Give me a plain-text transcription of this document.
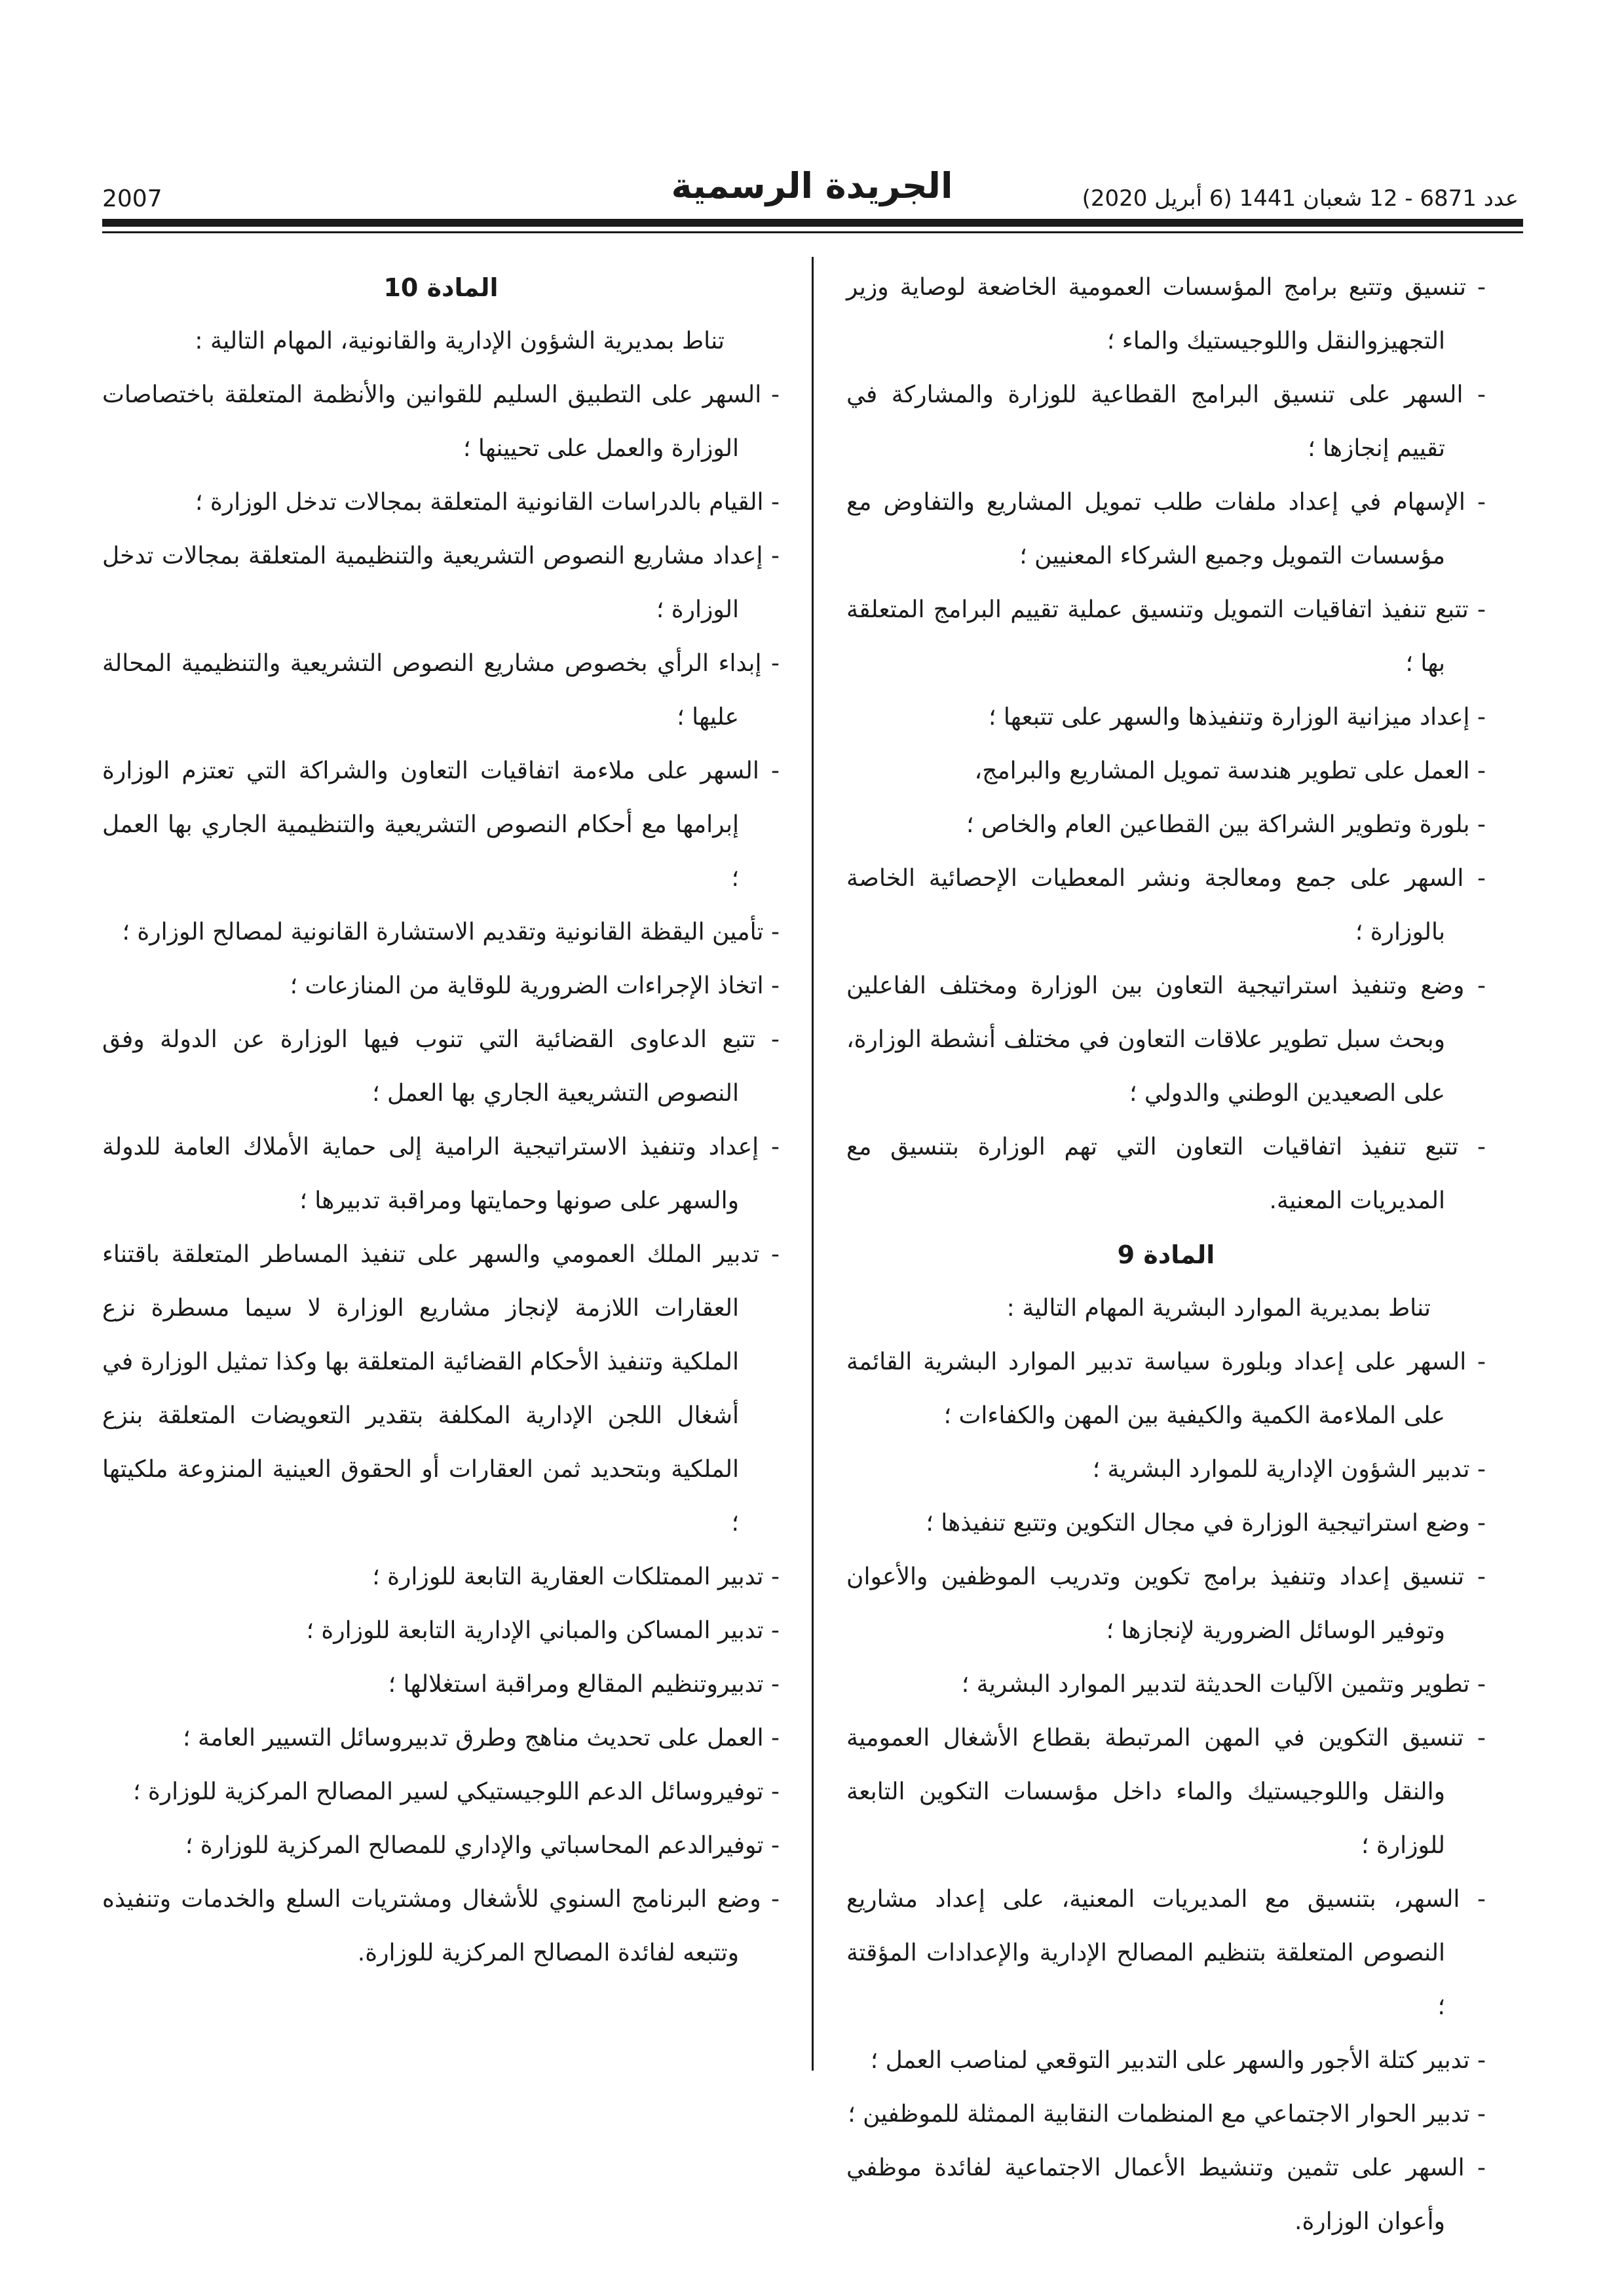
2007	الجريدة الرسمية	عدد 6871 - 12 شعبان 1441 (6 أبريل 2020)

- تنسيق وتتبع برامج المؤسسات العمومية الخاضعة لوصاية وزير التجهيزوالنقل واللوجيستيك والماء ؛

- السهر على تنسيق البرامج القطاعية للوزارة والمشاركة في تقييم إنجازها ؛

- الإسهام في إعداد ملفات طلب تمويل المشاريع والتفاوض مع مؤسسات التمويل وجميع الشركاء المعنيين ؛

- تتبع تنفيذ اتفاقيات التمويل وتنسيق عملية تقييم البرامج المتعلقة بها ؛

- إعداد ميزانية الوزارة وتنفيذها والسهر على تتبعها ؛

- العمل على تطوير هندسة تمويل المشاريع والبرامج،

- بلورة وتطوير الشراكة بين القطاعين العام والخاص ؛

- السهر على جمع ومعالجة ونشر المعطيات الإحصائية الخاصة بالوزارة ؛

- وضع وتنفيذ استراتيجية التعاون بين الوزارة ومختلف الفاعلين وبحث سبل تطوير علاقات التعاون في مختلف أنشطة الوزارة، على الصعيدين الوطني والدولي ؛

- تتبع تنفيذ اتفاقيات التعاون التي تهم الوزارة بتنسيق مع المديريات المعنية.

المادة 9

تناط بمديرية الموارد البشرية المهام التالية :

- السهر على إعداد وبلورة سياسة تدبير الموارد البشرية القائمة على الملاءمة الكمية والكيفية بين المهن والكفاءات ؛

- تدبير الشؤون الإدارية للموارد البشرية ؛

- وضع استراتيجية الوزارة في مجال التكوين وتتبع تنفيذها ؛

- تنسيق إعداد وتنفيذ برامج تكوين وتدريب الموظفين والأعوان وتوفير الوسائل الضرورية لإنجازها ؛

- تطوير وتثمين الآليات الحديثة لتدبير الموارد البشرية ؛

- تنسيق التكوين في المهن المرتبطة بقطاع الأشغال العمومية والنقل واللوجيستيك والماء داخل مؤسسات التكوين التابعة للوزارة ؛

- السهر، بتنسيق مع المديريات المعنية، على إعداد مشاريع النصوص المتعلقة بتنظيم المصالح الإدارية والإعدادات المؤقتة ؛

- تدبير كتلة الأجور والسهر على التدبير التوقعي لمناصب العمل ؛

- تدبير الحوار الاجتماعي مع المنظمات النقابية الممثلة للموظفين ؛

- السهر على تثمين وتنشيط الأعمال الاجتماعية لفائدة موظفي وأعوان الوزارة.

المادة 10

تناط بمديرية الشؤون الإدارية والقانونية، المهام التالية :

- السهر على التطبيق السليم للقوانين والأنظمة المتعلقة باختصاصات الوزارة والعمل على تحيينها ؛

- القيام بالدراسات القانونية المتعلقة بمجالات تدخل الوزارة ؛

- إعداد مشاريع النصوص التشريعية والتنظيمية المتعلقة بمجالات تدخل الوزارة ؛

- إبداء الرأي بخصوص مشاريع النصوص التشريعية والتنظيمية المحالة عليها ؛

- السهر على ملاءمة اتفاقيات التعاون والشراكة التي تعتزم الوزارة إبرامها مع أحكام النصوص التشريعية والتنظيمية الجاري بها العمل ؛

- تأمين اليقظة القانونية وتقديم الاستشارة القانونية لمصالح الوزارة ؛

- اتخاذ الإجراءات الضرورية للوقاية من المنازعات ؛

- تتبع الدعاوى القضائية التي تنوب فيها الوزارة عن الدولة وفق النصوص التشريعية الجاري بها العمل ؛

- إعداد وتنفيذ الاستراتيجية الرامية إلى حماية الأملاك العامة للدولة والسهر على صونها وحمايتها ومراقبة تدبيرها ؛

- تدبير الملك العمومي والسهر على تنفيذ المساطر المتعلقة باقتناء العقارات اللازمة لإنجاز مشاريع الوزارة لا سيما مسطرة نزع الملكية وتنفيذ الأحكام القضائية المتعلقة بها وكذا تمثيل الوزارة في أشغال اللجن الإدارية المكلفة بتقدير التعويضات المتعلقة بنزع الملكية وبتحديد ثمن العقارات أو الحقوق العينية المنزوعة ملكيتها ؛

- تدبير الممتلكات العقارية التابعة للوزارة ؛

- تدبير المساكن والمباني الإدارية التابعة للوزارة ؛

- تدبيروتنظيم المقالع ومراقبة استغلالها ؛

- العمل على تحديث مناهج وطرق تدبيروسائل التسيير العامة ؛

- توفيروسائل الدعم اللوجيستيكي لسير المصالح المركزية للوزارة ؛

- توفيرالدعم المحاسباتي والإداري للمصالح المركزية للوزارة ؛

- وضع البرنامج السنوي للأشغال ومشتريات السلع والخدمات وتنفيذه وتتبعه لفائدة المصالح المركزية للوزارة.
